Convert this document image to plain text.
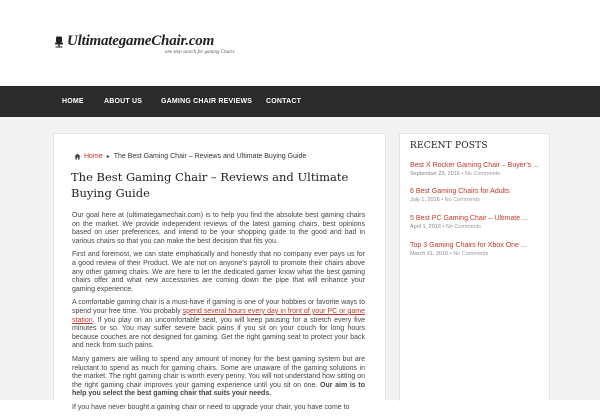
UltimategameChair.com
one stop search for gaming Chairs
HOME	ABOUT US	GAMING CHAIR REVIEWS CONTACT
Home ▸ The Best Gaming Chair – Reviews and Ultimate Buying Guide
The Best Gaming Chair – Reviews and Ultimate Buying Guide

Our goal here at (ultimategamechair.com) is to help you find the absolute best gaming chairs on the market. We provide independent reviews of the latest gaming chairs, best opinions based on user preferences, and intend to be your shopping guide to the good and bad in various chairs so that you can make the best decision that fits you.

First and foremost, we can state emphatically and honestly that no company ever pays us for a good review of their Product. We are not on anyone’s payroll to promote their chairs above any other gaming chairs. We are here to let the dedicated gamer know what the best gaming chairs offer and what new accessories are coming down the pipe that will enhance your gaming experience.

A comfortable gaming chair is a must-have if gaming is one of your hobbies or favorite ways to spend your free time. You probably spend several hours every day in front of your PC or game station. If you play on an uncomfortable seat, you will keep pausing for a stretch every five minutes or so. You may suffer severe back pains if you sit on your couch for long hours because couches are not designed for gaming. Get the right gaming seat to protect your back and neck from such pains.

Many gamers are willing to spend any amount of money for the best gaming system but are reluctant to spend as much for gaming chairs. Some are unaware of the gaming solutions in the market. The right gaming chair is worth every penny. You will not understand how sitting on the right gaming chair improves your gaming experience until you sit on one. Our aim is to help you select the best gaming chair that suits your needs.

If you have never bought a gaming chair or need to upgrade your chair, you have come to

RECENT POSTS
Best X Rocker Gaming Chair – Buyer’s ...
September 23, 2016 • No Comments
6 Best Gaming Chairs for Adults
July 1, 2016 • No Comments
5 Best PC Gaming Chair – Ultimate ...
April 1, 2016 • No Comments
Top 3 Gaming Chairs for Xbox One ...
March 31, 2016 • No Comments
